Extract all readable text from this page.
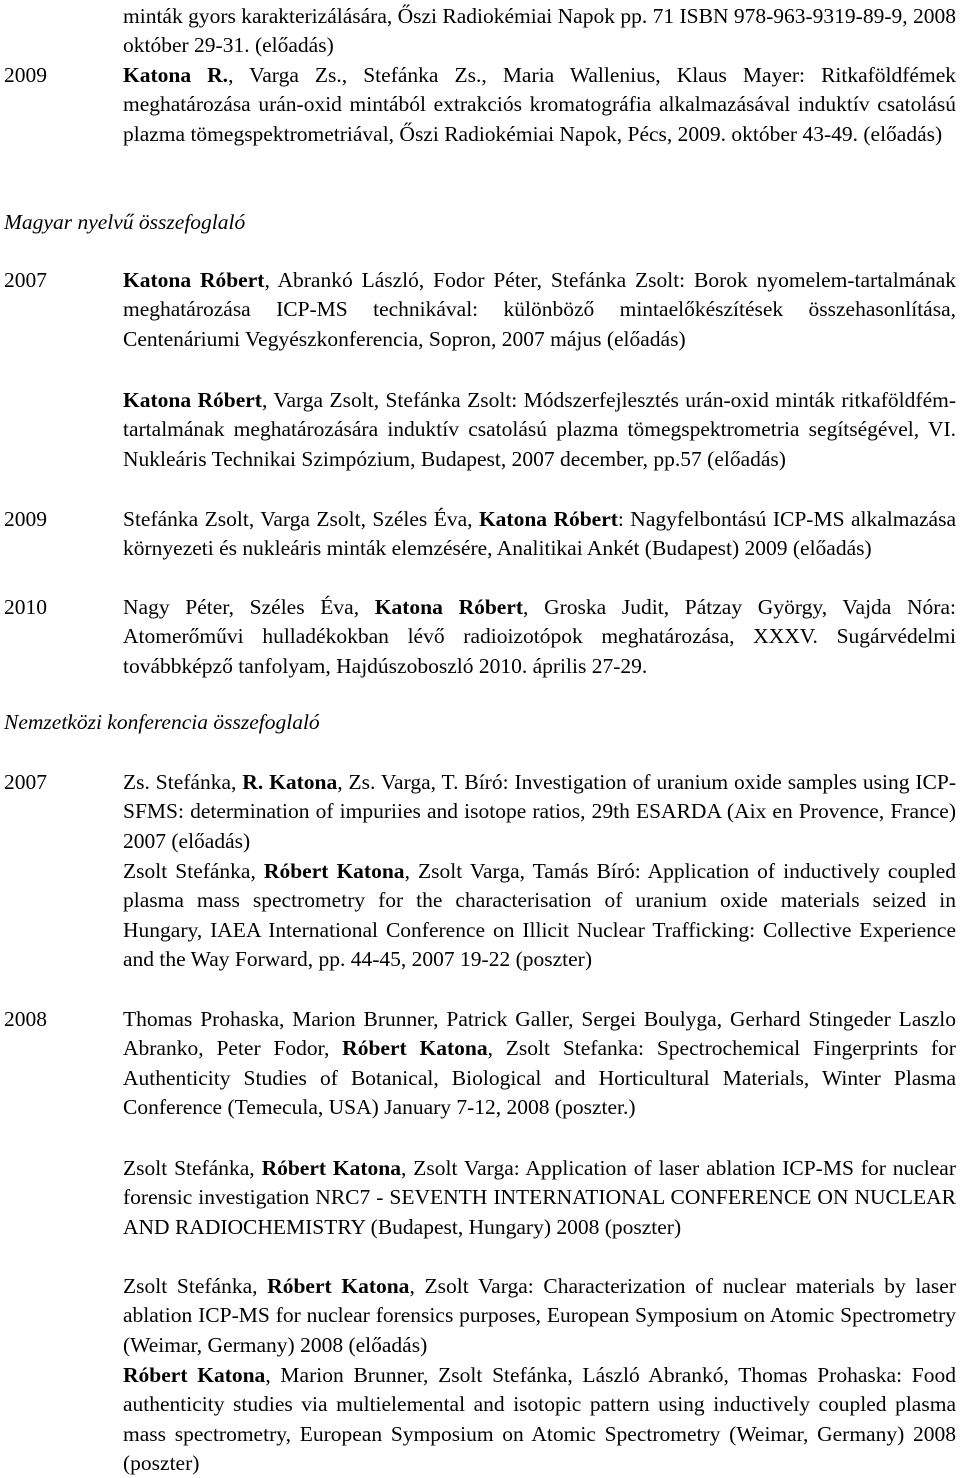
minták gyors karakterizálására, Őszi Radiokémiai Napok pp. 71 ISBN 978-963-9319-89-9, 2008 október 29-31. (előadás)
2009	Katona R., Varga Zs., Stefánka Zs., Maria Wallenius, Klaus Mayer: Ritkaföldfémek meghatározása urán-oxid mintából extrakciós kromatográfia alkalmazásával induktív csatolású plazma tömegspektrometriával, Őszi Radiokémiai Napok, Pécs, 2009. október 43-49. (előadás)
Magyar nyelvű összefoglaló
2007	Katona Róbert, Abrankó László, Fodor Péter, Stefánka Zsolt: Borok nyomelem-tartalmának meghatározása ICP-MS technikával: különböző mintaelőkészítések összehasonlítása, Centenáriumi Vegyészkonferencia, Sopron, 2007 május (előadás)
Katona Róbert, Varga Zsolt, Stefánka Zsolt: Módszerfejlesztés urán-oxid minták ritkaföldfém-tartalmának meghatározására induktív csatolású plazma tömegspektrometria segítségével, VI. Nukleáris Technikai Szimpózium, Budapest, 2007 december, pp.57 (előadás)
2009	Stefánka Zsolt, Varga Zsolt, Széles Éva, Katona Róbert: Nagyfelbontású ICP-MS alkalmazása környezeti és nukleáris minták elemzésére, Analitikai Ankét (Budapest) 2009 (előadás)
2010	Nagy Péter, Széles Éva, Katona Róbert, Groska Judit, Pátzay György, Vajda Nóra: Atomerőművi hulladékokban lévő radioizotópok meghatározása, XXXV. Sugárvédelmi továbbképző tanfolyam, Hajdúszoboszló 2010. április 27-29.
Nemzetközi konferencia összefoglaló
2007	Zs. Stefánka, R. Katona, Zs. Varga, T. Bíró: Investigation of uranium oxide samples using ICP-SFMS: determination of impuriies and isotope ratios, 29th ESARDA (Aix en Provence, France) 2007 (előadás)
Zsolt Stefánka, Róbert Katona, Zsolt Varga, Tamás Bíró: Application of inductively coupled plasma mass spectrometry for the characterisation of uranium oxide materials seized in Hungary, IAEA International Conference on Illicit Nuclear Trafficking: Collective Experience and the Way Forward, pp. 44-45, 2007 19-22 (poszter)
2008	Thomas Prohaska, Marion Brunner, Patrick Galler, Sergei Boulyga, Gerhard Stingeder Laszlo Abranko, Peter Fodor, Róbert Katona, Zsolt Stefanka: Spectrochemical Fingerprints for Authenticity Studies of Botanical, Biological and Horticultural Materials, Winter Plasma Conference (Temecula, USA) January 7-12, 2008 (poszter.)
Zsolt Stefánka, Róbert Katona, Zsolt Varga: Application of laser ablation ICP-MS for nuclear forensic investigation NRC7 - SEVENTH INTERNATIONAL CONFERENCE ON NUCLEAR AND RADIOCHEMISTRY (Budapest, Hungary) 2008 (poszter)
Zsolt Stefánka, Róbert Katona, Zsolt Varga: Characterization of nuclear materials by laser ablation ICP-MS for nuclear forensics purposes, European Symposium on Atomic Spectrometry (Weimar, Germany) 2008 (előadás)
Róbert Katona, Marion Brunner, Zsolt Stefánka, László Abrankó, Thomas Prohaska: Food authenticity studies via multielemental and isotopic pattern using inductively coupled plasma mass spectrometry, European Symposium on Atomic Spectrometry (Weimar, Germany) 2008 (poszter)
